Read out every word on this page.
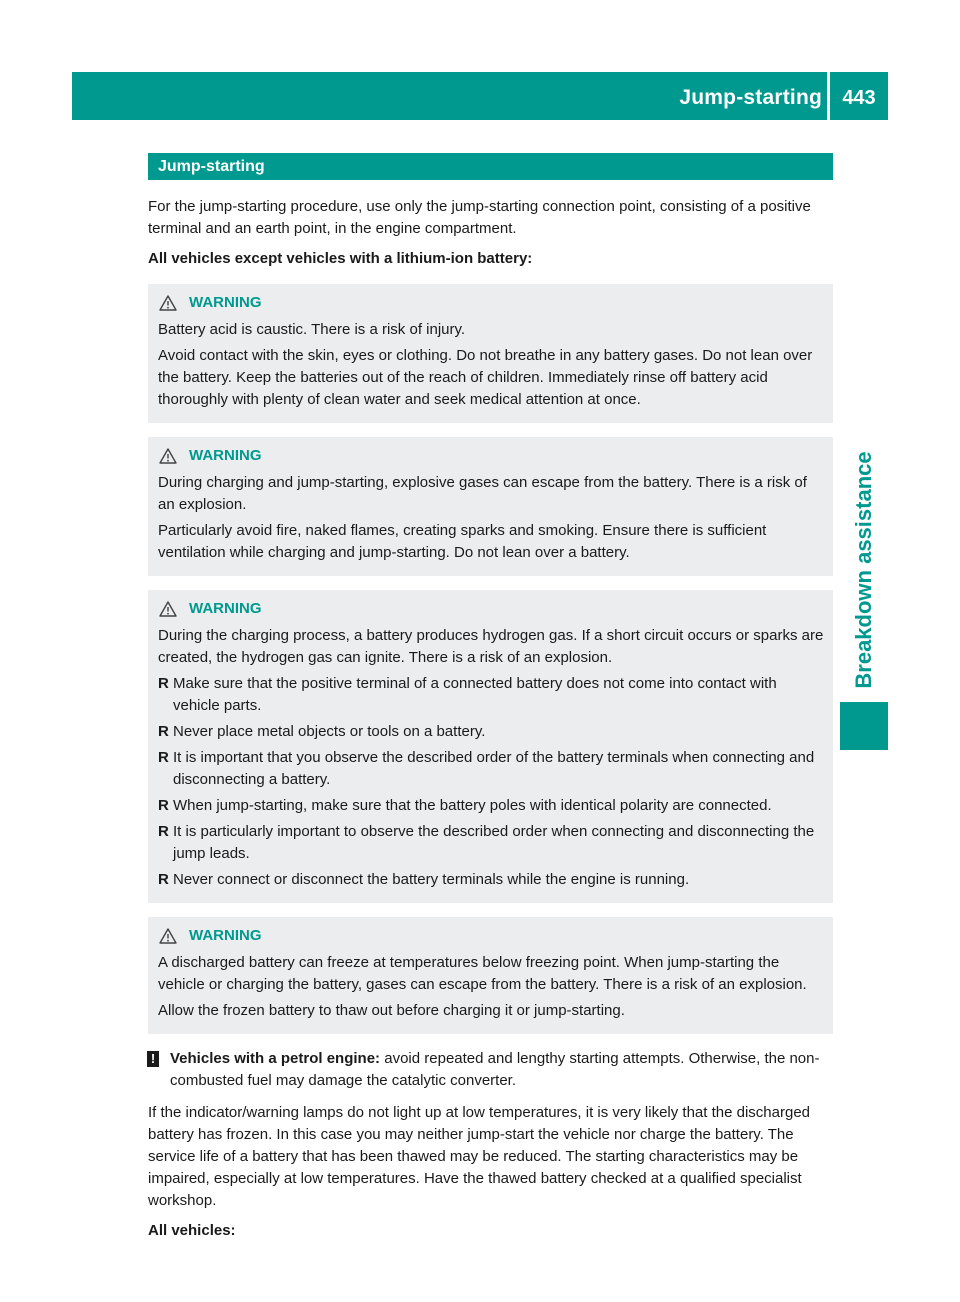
Jump-starting	443
Breakdown assistance
Jump-starting

For the jump-starting procedure, use only the jump-starting connection point, consisting of a positive terminal and an earth point, in the engine compartment.

All vehicles except vehicles with a lithium-ion battery:

WARNING

Battery acid is caustic. There is a risk of injury.

Avoid contact with the skin, eyes or clothing. Do not breathe in any battery gases. Do not lean over the battery. Keep the batteries out of the reach of children. Immediately rinse off battery acid thoroughly with plenty of clean water and seek medical attention at once.

WARNING

During charging and jump-starting, explosive gases can escape from the battery. There is a risk of an explosion.

Particularly avoid fire, naked flames, creating sparks and smoking. Ensure there is sufficient ventilation while charging and jump-starting. Do not lean over a battery.

WARNING

During the charging process, a battery produces hydrogen gas. If a short circuit occurs or sparks are created, the hydrogen gas can ignite. There is a risk of an explosion.

R Make sure that the positive terminal of a connected battery does not come into contact with vehicle parts.
R Never place metal objects or tools on a battery.
R It is important that you observe the described order of the battery terminals when connecting and disconnecting a battery.
R When jump-starting, make sure that the battery poles with identical polarity are connected.
R It is particularly important to observe the described order when connecting and disconnecting the jump leads.
R Never connect or disconnect the battery terminals while the engine is running.
WARNING

A discharged battery can freeze at temperatures below freezing point. When jump-starting the vehicle or charging the battery, gases can escape from the battery. There is a risk of an explosion.

Allow the frozen battery to thaw out before charging it or jump-starting.

! Vehicles with a petrol engine: avoid repeated and lengthy starting attempts. Otherwise, the non-combusted fuel may damage the catalytic converter.

If the indicator/warning lamps do not light up at low temperatures, it is very likely that the discharged battery has frozen. In this case you may neither jump-start the vehicle nor charge the battery. The service life of a battery that has been thawed may be reduced. The starting characteristics may be impaired, especially at low temperatures. Have the thawed battery checked at a qualified specialist workshop.

All vehicles:
